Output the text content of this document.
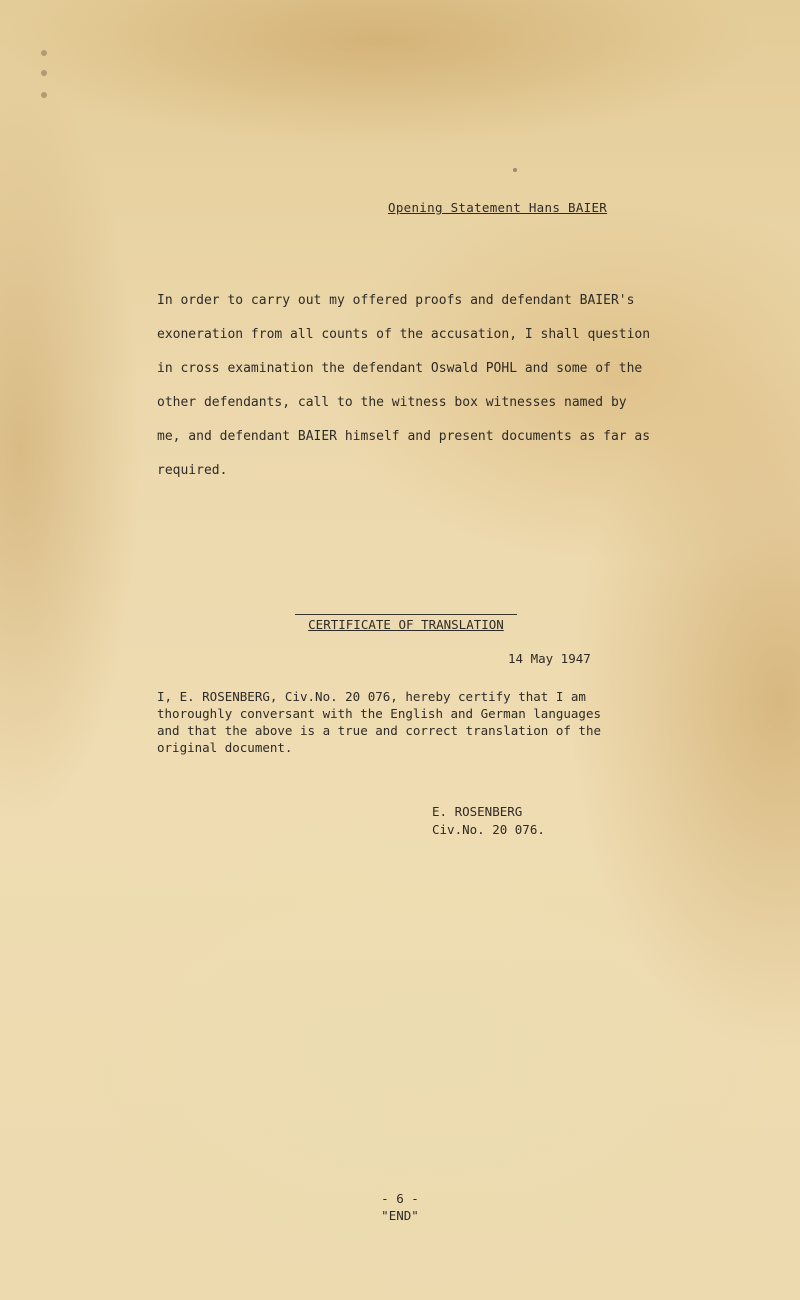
Opening Statement Hans BAIER
In order to carry out my offered proofs and defendant BAIER's
exoneration from all counts of the accusation, I shall question
in cross examination the defendant Oswald POHL and some of the
other defendants, call to the witness box witnesses named by
me, and defendant BAIER himself and present documents as far as
required.
CERTIFICATE OF TRANSLATION
14 May 1947
I, E. ROSENBERG, Civ.No. 20 076, hereby certify that I am
thoroughly conversant with the English and German languages
and that the above is a true and correct translation of the
original document.
E. ROSENBERG
Civ.No. 20 076.
- 6 -
"END"
